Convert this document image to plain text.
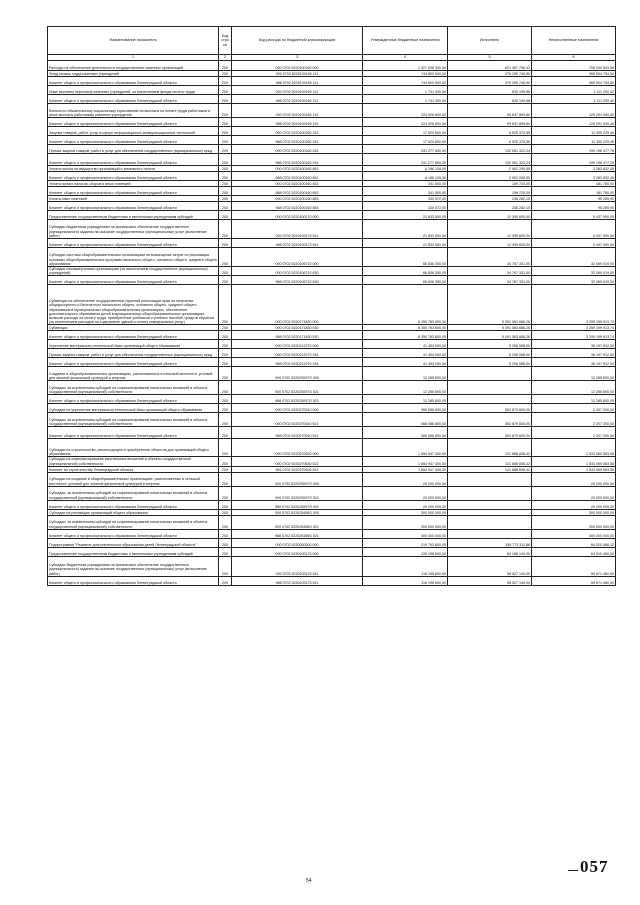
Наименование показателя	Код стро ки	Код расхода по бюджетной классификации	Утвержденные бюджетные назначения	Исполнено	Неисполненные назначения
1	2	3	4	5	6
Расходы на обеспечение деятельности государственных казенных организаций	200	000 0702 5220100160 000	1 327 638 300,00	621 467 796,42	706 040 503,58
Фонд оплаты труда казенных учреждений	200	000 0702 5220100160 111	744 800 500,00	379 295 746,50	365 504 753,50
Комитет общего и профессионального образования Ленинградской области	200	988 0702 5220100160 111	744 800 500,00	379 295 746,50	365 504 753,50
Иные выплаты персоналу казенных учреждений, за исключением фонда оплаты труда	200	000 0702 5220100160 112	1 741 400,00	630 199,58	1 111 200,42
Комитет общего и профессионального образования Ленинградской области	200	988 0702 5220100160 112	1 741 400,00	630 199,58	1 111 200,42
Взносы по обязательному социальному страхованию на выплаты по оплате труда работников и иные выплаты работникам казенных учреждений	200	000 0702 5220100160 119	224 928 800,00	99 637 859,60	125 291 940,40
Комитет общего и профессионального образования Ленинградской области	200	988 0702 5220100160 119	224 928 800,00	99 637 859,60	125 291 940,40
Закупка товаров, работ, услуг в сфере информационно-коммуникационных технологий	200	000 0702 5220100160 242	17 920 600,00	6 525 370,55	11 395 229,45
Комитет общего и профессионального образования Ленинградской области	200	988 0702 5220100160 242	17 920 600,00	6 525 370,55	11 395 229,45
Прочая закупка товаров, работ и услуг для обеспечения государственных (муниципальных) нужд	200	000 0702 5220100160 244	331 277 800,00	132 081 322,24	199 196 477,76
Комитет общего и профессионального образования Ленинградской области	200	988 0702 5220100160 244	331 277 800,00	132 081 322,24	199 196 477,76
Уплата налога на имущество организаций и земельного налога	200	000 0702 5220100160 851	6 186 128,00	2 902 295,55	3 283 832,45
Комитет общего и профессионального образования Ленинградской области	200	988 0702 5220100160 851	6 186 128,00	2 902 295,55	3 283 832,45
Уплата прочих налогов, сборов и иных платежей	200	000 0702 5220100160 852	341 500,00	159 720,00	181 780,00
Комитет общего и профессионального образования Ленинградской области	200	988 0702 5220100160 852	341 500,00	159 720,00	181 780,00
Уплата иных платежей	200	000 0702 5220100160 853	330 572,00	236 282,10	95 289,90
Комитет общего и профессионального образования Ленинградской области	200	988 0702 5220100160 853	330 572,00	236 282,10	95 289,90
Предоставление государственным бюджетным и автономным учреждениям субсидий	200	000 0702 5220100170 000	21 833 500,00	12 395 600,00	9 437 900,00
Субсидии бюджетным учреждениям на финансовое обеспечение государственного (муниципального) задания на оказание государственных (муниципальных) услуг (выполнение работ)	200	000 0702 5220100170 611	21 833 500,00	12 395 600,00	9 437 900,00
Комитет общего и профессионального образования Ленинградской области	200	988 0702 5220100170 611	21 833 500,00	12 395 600,00	9 437 900,00
Субсидии частным общеобразовательным организациям на возмещение затрат по реализации основных общеобразовательных программ начального общего, основного общего, среднего общего образования	200	000 0702 5220106710 000	66 836 350,00	34 767 331,00	32 069 019,00
Субсидии некоммерческим организациям (за исключением государственных (муниципальных) учреждений)	200	000 0702 5220106710 630	66 836 350,00	34 767 331,00	32 069 019,00
Комитет общего и профессионального образования Ленинградской области	200	988 0702 5220106710 630	66 836 350,00	34 767 331,00	32 069 019,00
Субвенции на обеспечение государственных гарантий реализации прав на получение общедоступного и бесплатного начального общего, основного общего, среднего общего образования в муниципальных общеобразовательных организациях, обеспечение дополнительного образования детей в муниципальных общеобразовательных организациях, включая расходы на оплату труда, приобретение учебников и учебных пособий, средств обучения (за исключением расходов на содержание зданий и оплату коммунальных услуг)	200	000 0702 5220171830 000	8 350 783 600,00	5 091 563 686,26	3 259 199 913,74
Субвенции	200	000 0702 5220171830 530	8 350 783 600,00	5 091 563 686,26	3 259 199 913,74
Комитет общего и профессионального образования Ленинградской области	200	988 0702 5220171830 530	8 350 783 600,00	5 091 563 686,26	3 259 199 913,74
Укрепление материально-технической базы организаций общего образования	200	000 0702 5220212270 000	41 454 000,00	5 256 088,00	36 197 912,00
Прочая закупка товаров, работ и услуг для обеспечения государственных (муниципальных) нужд	200	000 0702 5220212270 244	41 454 000,00	5 256 088,00	36 197 912,00
Комитет общего и профессионального образования Ленинградской области	200	988 0702 5220212270 244	41 454 000,00	5 256 088,00	36 197 912,00
Создание в общеобразовательных организациях, расположенных в сельской местности, условий для занятий физической культурой и спортом	200	000 0702 522025097G 000	12 285 600,00	-	12 285 600,00
Субсидии, за исключением субсидий на софинансирование капитальных вложений в объекты государственной (муниципальной) собственности	200	000 0702 522025097G 521	12 285 600,00	-	12 285 600,00
Комитет общего и профессионального образования Ленинградской области	200	988 0702 522025097G 521	12 285 600,00	-	12 285 600,00
Субсидии на укрепление материально-технической базы организаций общего образования	200	000 0702 5220270510 000	366 086 800,00	363 879 600,00	2 207 200,00
Субсидии, за исключением субсидий на софинансирование капитальных вложений в объекты государственной (муниципальной) собственности	200	000 0702 5220270510 521	366 086 800,00	363 879 600,00	2 207 200,00
Комитет общего и профессионального образования Ленинградской области	200	988 0702 5220270510 521	366 086 800,00	363 879 600,00	2 207 200,00
Субсидии на строительство, реконструкцию и приобретение объектов для организаций общего образования	200	000 0702 5220270630 000	1 654 947 400,00	121 888 836,42	1 533 060 563,58
Субсидии на софинансирование капитальных вложений в объекты государственной (муниципальной) собственности	200	000 0702 5220270630 522	1 654 947 400,00	121 888 836,42	1 533 060 563,58
Комитет по строительству Ленинградской области	200	981 0702 5220270630 522	1 654 947 400,00	121 888 836,42	1 533 060 563,58
Субсидии на создание в общеобразовательных организациях, расположенных в сельской местности, условий для занятий физической культурой и спортом	200	000 0702 522025097G 000	20 200 000,00	-	20 200 000,00
Субсидии, за исключением субсидий на софинансирование капитальных вложений в объекты государственной (муниципальной) собственности	200	000 0702 522025097G 521	20 200 000,00	-	20 200 000,00
Комитет общего и профессионального образования Ленинградской области	200	988 0702 522025097G 521	20 200 000,00	-	20 200 000,00
Субсидии на реновацию организаций общего образования	200	000 0702 522025456G 000	300 000 000,00	-	300 000 000,00
Субсидии, за исключением субсидий на софинансирование капитальных вложений в объекты государственной (муниципальной) собственности	200	000 0702 522025456G 521	300 000 000,00	-	300 000 000,00
Комитет общего и профессионального образования Ленинградской области	200	988 0702 522025456G 521	300 000 000,00	-	300 000 000,00
Подпрограмма "Развитие дополнительного образования детей Ленинградской области"	200	000 0702 5230000000 000	219 793 600,00	155 773 311,88	64 020 488,12
Предоставление государственным бюджетным и автономным учреждениям субсидий	200	000 0702 5230100170 000	128 198 600,00	84 188 140,00	64 010 460,00
Субсидии бюджетным учреждениям на финансовое обеспечение государственного (муниципального) задания на оказание государственных (муниципальных) услуг (выполнение работ)	200	000 0702 5230100170 611	118 198 600,00	58 527 140,00	59 671 460,00
Комитет общего и профессионального образования Ленинградской области	200	988 0702 5230100170 611	118 198 600,00	58 527 140,00	59 671 460,00
54
057
